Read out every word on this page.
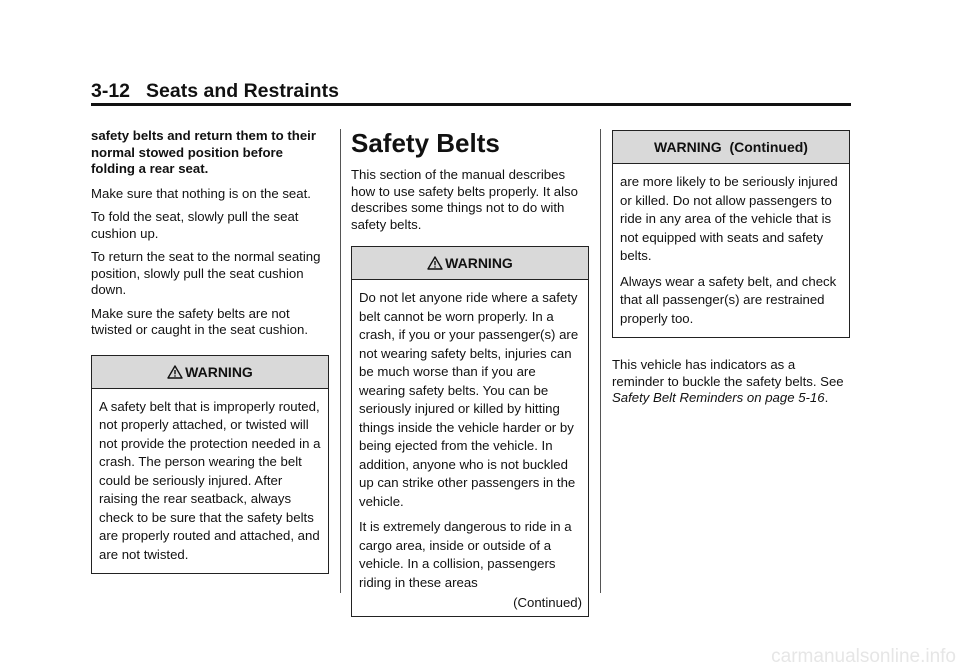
3-12 Seats and Restraints

safety belts and return them to their normal stowed position before folding a rear seat.

Make sure that nothing is on the seat.

To fold the seat, slowly pull the seat cushion up.

To return the seat to the normal seating position, slowly pull the seat cushion down.

Make sure the safety belts are not twisted or caught in the seat cushion.

WARNING

A safety belt that is improperly routed, not properly attached, or twisted will not provide the protection needed in a crash. The person wearing the belt could be seriously injured. After raising the rear seatback, always check to be sure that the safety belts are properly routed and attached, and are not twisted.

Safety Belts

This section of the manual describes how to use safety belts properly. It also describes some things not to do with safety belts.

WARNING

Do not let anyone ride where a safety belt cannot be worn properly. In a crash, if you or your passenger(s) are not wearing safety belts, injuries can be much worse than if you are wearing safety belts. You can be seriously injured or killed by hitting things inside the vehicle harder or by being ejected from the vehicle. In addition, anyone who is not buckled up can strike other passengers in the vehicle.

It is extremely dangerous to ride in a cargo area, inside or outside of a vehicle. In a collision, passengers riding in these areas

(Continued)
WARNING  (Continued)

are more likely to be seriously injured or killed. Do not allow passengers to ride in any area of the vehicle that is not equipped with seats and safety belts.

Always wear a safety belt, and check that all passenger(s) are restrained properly too.

This vehicle has indicators as a reminder to buckle the safety belts. See Safety Belt Reminders on page 5-16.

carmanualsonline.info
